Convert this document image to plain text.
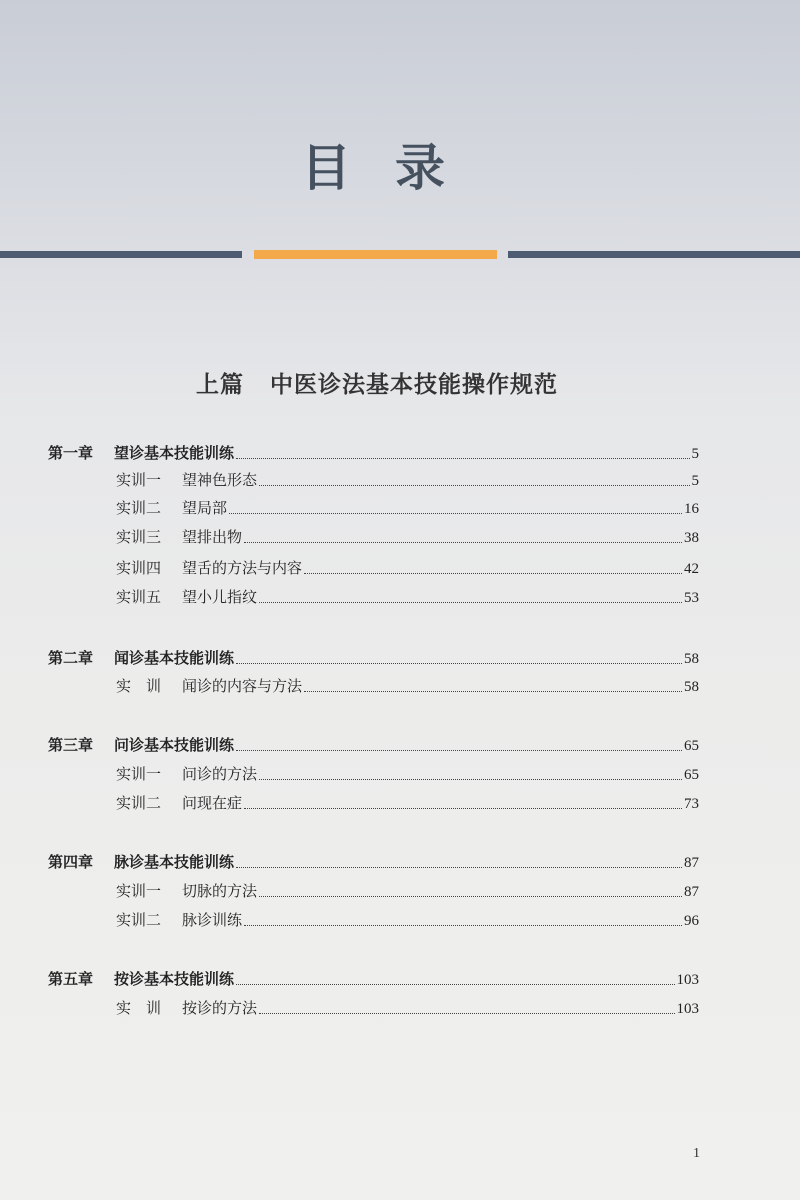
目录
上篇 中医诊法基本技能操作规范
第一章	望诊基本技能训练	5
实训一	望神色形态	5
实训二	望局部	16
实训三	望排出物	38
实训四	望舌的方法与内容	42
实训五	望小儿指纹	53
第二章	闻诊基本技能训练	58
实　训	闻诊的内容与方法	58
第三章	问诊基本技能训练	65
实训一	问诊的方法	65
实训二	问现在症	73
第四章	脉诊基本技能训练	87
实训一	切脉的方法	87
实训二	脉诊训练	96
第五章	按诊基本技能训练	103
实　训	按诊的方法	103
1
